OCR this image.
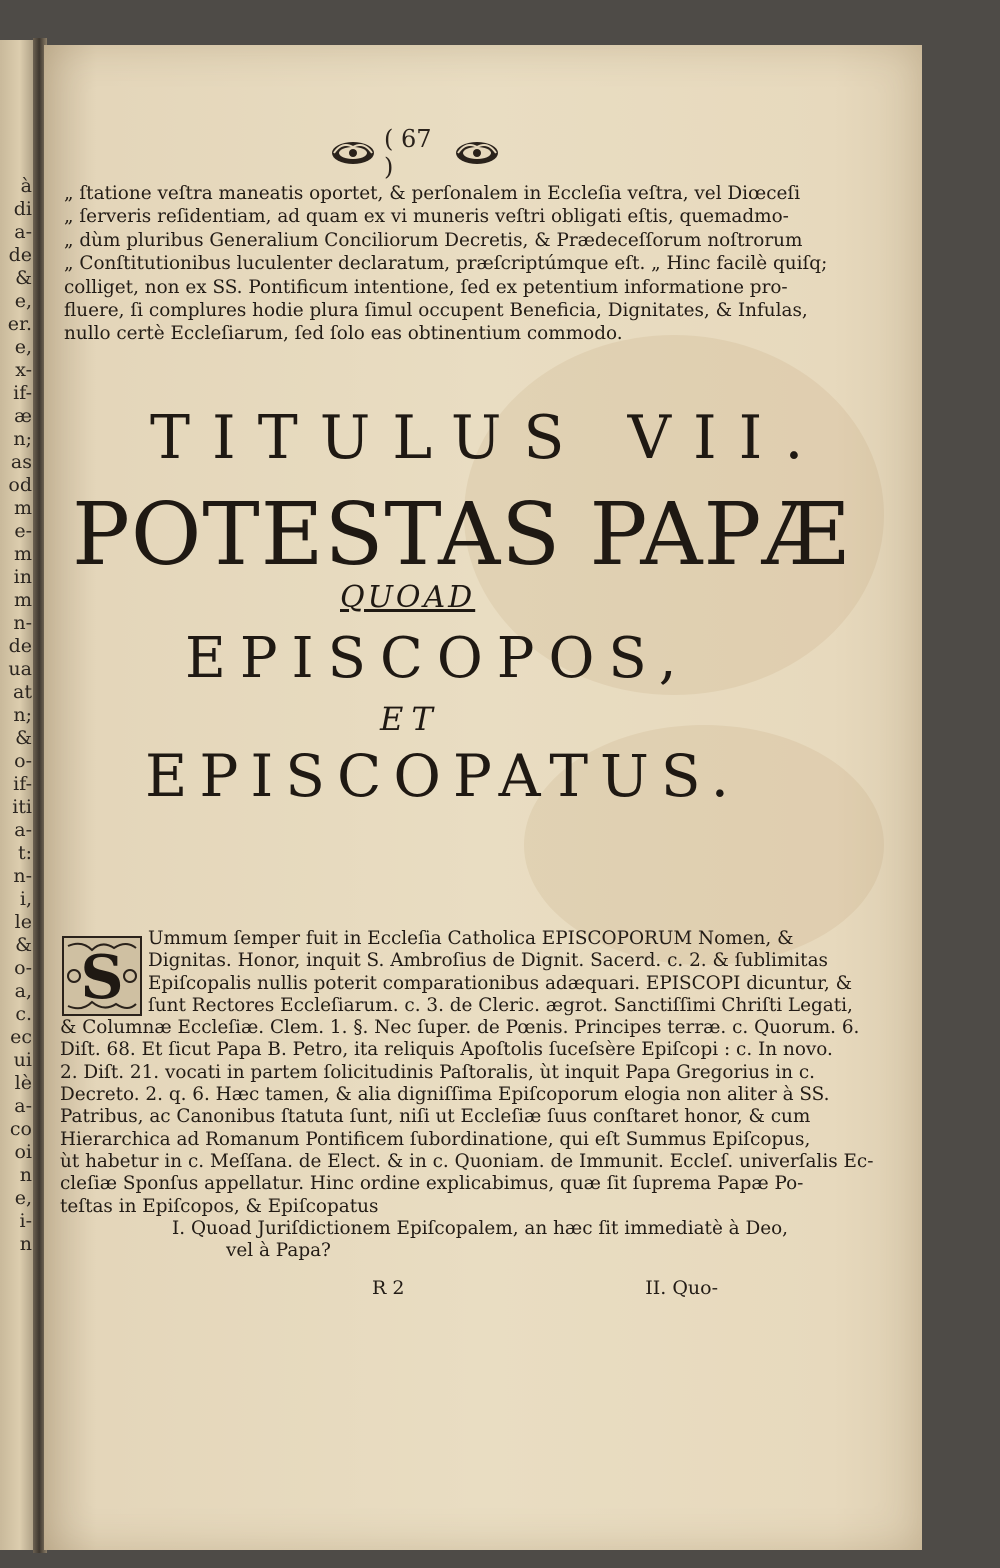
à
di
a-
de
&
e,
er.
e,
x-
if-
æ
n;
as
od
m
e-
m
in
m
n-
de
ua
at
n;
&
o-
if-
iti
a-
t:
n-
i,
le
&
o-
a,
c.
ec
ui
lè
a-
co
oi
n
e,
i-
n
( 67 )
„ ſtatione veſtra maneatis oportet, & perſonalem in Eccleſia veſtra, vel Diœceſi
„ ſerveris reſidentiam, ad quam ex vi muneris veſtri obligati eſtis, quemadmo-
„ dùm pluribus Generalium Conciliorum Decretis, & Prædeceſſorum noſtrorum
„ Conſtitutionibus luculenter declaratum, præſcriptúmque eſt. „ Hinc facilè quiſq;
colliget, non ex SS. Pontificum intentione, ſed ex petentium informatione pro-
fluere, ſi complures hodie plura ſimul occupent Beneficia, Dignitates, & Infulas,
nullo certè Eccleſiarum, ſed ſolo eas obtinentium commodo.
TITULUS VII.
POTESTAS PAPÆ
QUOAD
EPISCOPOS,
ET
EPISCOPATUS.
S
Ummum ſemper fuit in Eccleſia Catholica EPISCOPORUM Nomen, &
Dignitas. Honor, inquit S. Ambroſius de Dignit. Sacerd. c. 2. & ſublimitas
Epiſcopalis nullis poterit comparationibus adæquari. EPISCOPI dicuntur, &
ſunt Rectores Eccleſiarum. c. 3. de Cleric. ægrot. Sanctiſſimi Chriſti Legati,
& Columnæ Eccleſiæ. Clem. 1. §. Nec ſuper. de Pœnis. Principes terræ. c. Quorum. 6.
Diſt. 68. Et ſicut Papa B. Petro, ita reliquis Apoſtolis ſuceſsère Epiſcopi : c. In novo.
2. Diſt. 21. vocati in partem ſolicitudinis Paſtoralis, ùt inquit Papa Gregorius in c.
Decreto. 2. q. 6. Hæc tamen, & alia digniſſima Epiſcoporum elogia non aliter à SS.
Patribus, ac Canonibus ſtatuta ſunt, niſi ut Eccleſiæ ſuus conſtaret honor, & cum
Hierarchica ad Romanum Pontificem ſubordinatione, qui eſt Summus Epiſcopus,
ùt habetur in c. Meſſana. de Elect. & in c. Quoniam. de Immunit. Eccleſ. univerſalis Ec-
cleſiæ Sponſus appellatur. Hinc ordine explicabimus, quæ ſit ſuprema Papæ Po-
teſtas in Epiſcopos, & Epiſcopatus
I. Quoad Juriſdictionem Epiſcopalem, an hæc ſit immediatè à Deo,
vel à Papa?
R 2	II. Quo-
